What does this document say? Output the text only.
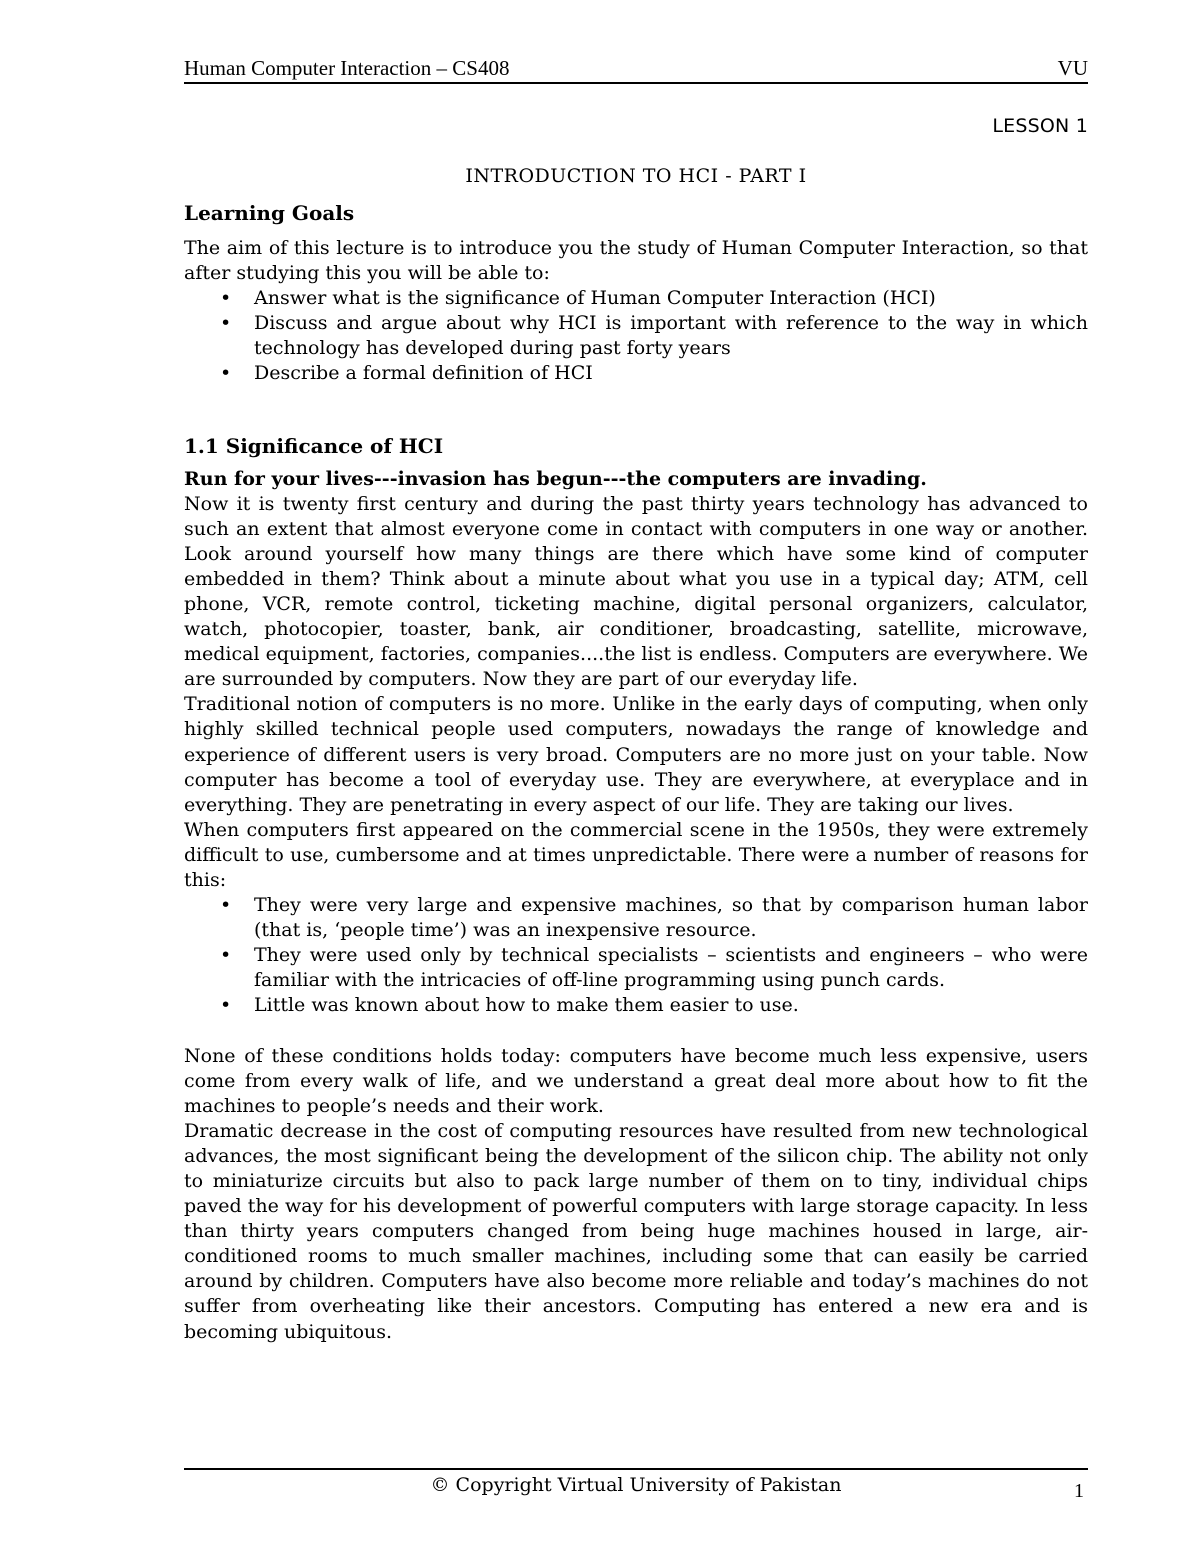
Human Computer Interaction – CS408	VU
LESSON 1
INTRODUCTION TO HCI - PART I
Learning Goals

The aim of this lecture is to introduce you the study of Human Computer Interaction, so that after studying this you will be able to:

• Answer what is the significance of Human Computer Interaction (HCI)
• Discuss and argue about why HCI is important with reference to the way in which technology has developed during past forty years
• Describe a formal definition of HCI
1.1 Significance of HCI
Run for your lives---invasion has begun---the computers are invading.

Now it is twenty first century and during the past thirty years technology has advanced to such an extent that almost everyone come in contact with computers in one way or another. Look around yourself how many things are there which have some kind of computer embedded in them? Think about a minute about what you use in a typical day; ATM, cell phone, VCR, remote control, ticketing machine, digital personal organizers, calculator, watch, photocopier, toaster, bank, air conditioner, broadcasting, satellite, microwave, medical equipment, factories, companies....the list is endless. Computers are everywhere. We are surrounded by computers. Now they are part of our everyday life.

Traditional notion of computers is no more. Unlike in the early days of computing, when only highly skilled technical people used computers, nowadays the range of knowledge and experience of different users is very broad. Computers are no more just on your table. Now computer has become a tool of everyday use. They are everywhere, at everyplace and in everything. They are penetrating in every aspect of our life. They are taking our lives.

When computers first appeared on the commercial scene in the 1950s, they were extremely difficult to use, cumbersome and at times unpredictable. There were a number of reasons for this:

• They were very large and expensive machines, so that by comparison human labor (that is, ‘people time’) was an inexpensive resource.
• They were used only by technical specialists – scientists and engineers – who were familiar with the intricacies of off-line programming using punch cards.
• Little was known about how to make them easier to use.

None of these conditions holds today: computers have become much less expensive, users come from every walk of life, and we understand a great deal more about how to fit the machines to people’s needs and their work.

Dramatic decrease in the cost of computing resources have resulted from new technological advances, the most significant being the development of the silicon chip. The ability not only to miniaturize circuits but also to pack large number of them on to tiny, individual chips paved the way for his development of powerful computers with large storage capacity. In less than thirty years computers changed from being huge machines housed in large, air-conditioned rooms to much smaller machines, including some that can easily be carried around by children. Computers have also become more reliable and today’s machines do not suffer from overheating like their ancestors. Computing has entered a new era and is becoming ubiquitous.

© Copyright Virtual University of Pakistan	1
